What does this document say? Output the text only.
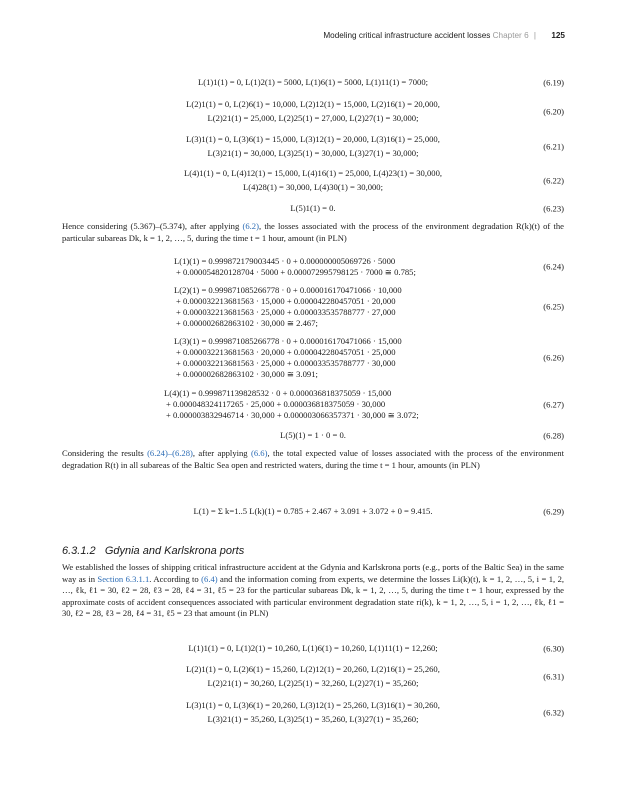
Modeling critical infrastructure accident losses Chapter 6 | 125
L(1)1(1) = 0, L(1)2(1) = 5000, L(1)6(1) = 5000, L(1)11(1) = 7000;	(6.19)
L(2)1(1) = 0, L(2)6(1) = 10,000, L(2)12(1) = 15,000, L(2)16(1) = 20,000,
L(2)21(1) = 25,000, L(2)25(1) = 27,000, L(2)27(1) = 30,000;
(6.20)
L(3)1(1) = 0, L(3)6(1) = 15,000, L(3)12(1) = 20,000, L(3)16(1) = 25,000,
L(3)21(1) = 30,000, L(3)25(1) = 30,000, L(3)27(1) = 30,000;
(6.21)
L(4)1(1) = 0, L(4)12(1) = 15,000, L(4)16(1) = 25,000, L(4)23(1) = 30,000,
L(4)28(1) = 30,000, L(4)30(1) = 30,000;
(6.22)
L(5)1(1) = 0.	(6.23)
Hence considering (5.367)–(5.374), after applying (6.2), the losses associated with the process of the environment degradation R(k)(t) of the particular subareas Dk, k = 1, 2, …, 5, during the time t = 1 hour, amount (in PLN)
L(1)(1) = 0.999872179003445 · 0 + 0.000000005069726 · 5000
+ 0.000054820128704 · 5000 + 0.000072995798125 · 7000 ≅ 0.785;
(6.24)
L(2)(1) = 0.999871085266778 · 0 + 0.000016170471066 · 10,000
+ 0.000032213681563 · 15,000 + 0.000042280457051 · 20,000
+ 0.000032213681563 · 25,000 + 0.000033535788777 · 27,000
+ 0.000002682863102 · 30,000 ≅ 2.467;
(6.25)
L(3)(1) = 0.999871085266778 · 0 + 0.000016170471066 · 15,000
+ 0.000032213681563 · 20,000 + 0.000042280457051 · 25,000
+ 0.000032213681563 · 25,000 + 0.000033535788777 · 30,000
+ 0.000002682863102 · 30,000 ≅ 3.091;
(6.26)
L(4)(1) = 0.999871139828532 · 0 + 0.000036818375059 · 15,000
+ 0.000048324117265 · 25,000 + 0.000036818375059 · 30,000
+ 0.000003832946714 · 30,000 + 0.000003066357371 · 30,000 ≅ 3.072;
(6.27)
L(5)(1) = 1 · 0 = 0.	(6.28)
Considering the results (6.24)–(6.28), after applying (6.6), the total expected value of losses associated with the process of the environment degradation R(t) in all subareas of the Baltic Sea open and restricted waters, during the time t = 1 hour, amounts (in PLN)
L(1) = Σ k=1..5 L(k)(1) = 0.785 + 2.467 + 3.091 + 3.072 + 0 = 9.415.	(6.29)
6.3.1.2 Gdynia and Karlskrona ports
We established the losses of shipping critical infrastructure accident at the Gdynia and Karlskrona ports (e.g., ports of the Baltic Sea) in the same way as in Section 6.3.1.1. According to (6.4) and the information coming from experts, we determine the losses Li(k)(t), k = 1, 2, …, 5, i = 1, 2, …, ℓk, ℓ1 = 30, ℓ2 = 28, ℓ3 = 28, ℓ4 = 31, ℓ5 = 23 for the particular subareas Dk, k = 1, 2, …, 5, during the time t = 1 hour, expressed by the approximate costs of accident consequences associated with particular environment degradation state ri(k), k = 1, 2, …, 5, i = 1, 2, …, ℓk, ℓ1 = 30, ℓ2 = 28, ℓ3 = 28, ℓ4 = 31, ℓ5 = 23 that amount (in PLN)
L(1)1(1) = 0, L(1)2(1) = 10,260, L(1)6(1) = 10,260, L(1)11(1) = 12,260;	(6.30)
L(2)1(1) = 0, L(2)6(1) = 15,260, L(2)12(1) = 20,260, L(2)16(1) = 25,260,
L(2)21(1) = 30,260, L(2)25(1) = 32,260, L(2)27(1) = 35,260;
(6.31)
L(3)1(1) = 0, L(3)6(1) = 20,260, L(3)12(1) = 25,260, L(3)16(1) = 30,260,
L(3)21(1) = 35,260, L(3)25(1) = 35,260, L(3)27(1) = 35,260;
(6.32)
